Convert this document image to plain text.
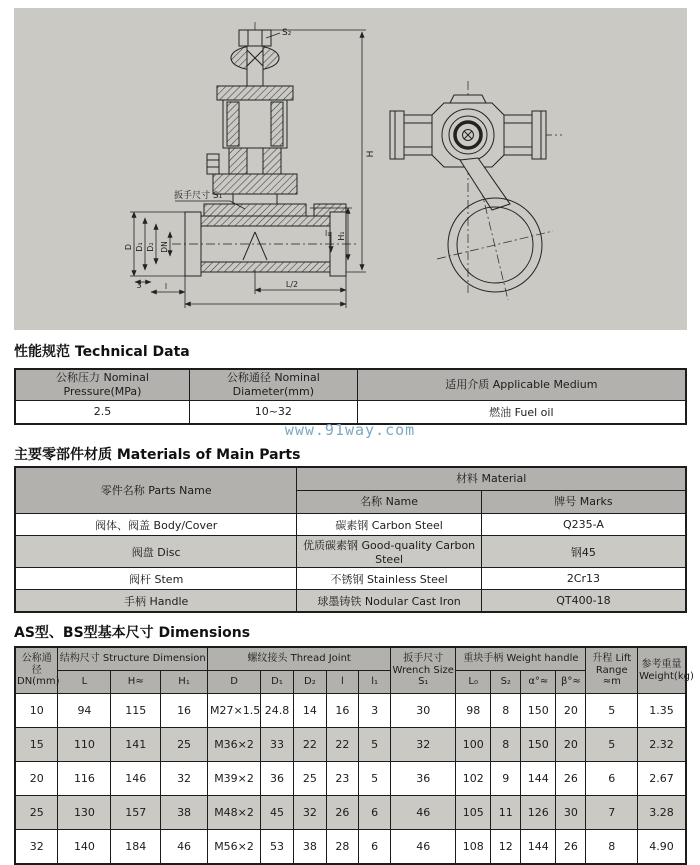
S₂
H
H₁
l₁
D D₁ D₂ DN
3	l	L/2
扳手尺寸 S₁
性能规范 Technical Data
公称压力 Nominal Pressure(MPa)	公称通径 Nominal Diameter(mm)	适用介质 Applicable Medium
2.5	10~32	燃油 Fuel oil
www.91way.com
主要零部件材质 Materials of Main Parts
零件名称 Parts Name	材料 Material	
	名称 Name	牌号 Marks
阀体、阀盖 Body/Cover	碳素钢 Carbon Steel	Q235-A
阀盘 Disc	优质碳素钢 Good-quality Carbon Steel	钢45
阀杆 Stem	不锈钢 Stainless Steel	2Cr13
手柄 Handle	球墨铸铁 Nodular Cast Iron	QT400-18
AS型、BS型基本尺寸 Dimensions
公称通径 DN(mm)	结构尺寸 Structure Dimension			螺纹接头 Thread Joint					扳手尺寸 Wrench Size S₁	重块手柄 Weight handle				升程 Lift Range ≈m	参考重量 Weight(kg)
	L	H≈	H₁	D	D₁	D₂	l	l₁		L₀	S₂	α°≈	β°≈		
10	94	115	16	M27×1.5	24.8	14	16	3	30	98	8	150	20	5	1.35
15	110	141	25	M36×2	33	22	22	5	32	100	8	150	20	5	2.32
20	116	146	32	M39×2	36	25	23	5	36	102	9	144	26	6	2.67
25	130	157	38	M48×2	45	32	26	6	46	105	11	126	30	7	3.28
32	140	184	46	M56×2	53	38	28	6	46	108	12	144	26	8	4.90
